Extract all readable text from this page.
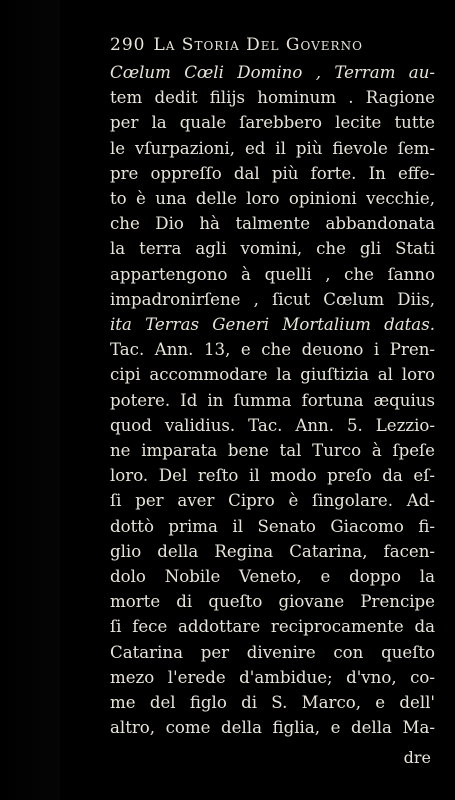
290 La Storia Del Governo
Cœlum Cœli Domino , Terram au-
tem dedit filijs hominum . Ragione
per la quale ſarebbero lecite tutte
le vſurpazioni, ed il più fievole ſem-
pre oppreſſo dal più forte. In effe-
to è una delle loro opinioni vecchie,
che Dio hà talmente abbandonata
la terra agli vomini, che gli Stati
appartengono à quelli , che ſanno
impadronirſene , ſicut Cœlum Diis,
ita Terras Generi Mortalium datas.
Tac. Ann. 13, e che deuono i Pren-
cipi accommodare la giuſtizia al loro
potere. Id in ſumma fortuna æquius
quod validius. Tac. Ann. 5. Lezzio-
ne imparata bene tal Turco à ſpeſe
loro. Del reſto il modo preſo da eſ-
ſi per aver Cipro è ſingolare. Ad-
dottò prima il Senato Giacomo fi-
glio della Regina Catarina, facen-
dolo Nobile Veneto, e doppo la
morte di queſto giovane Prencipe
ſi fece addottare reciprocamente da
Catarina per divenire con queſto
mezo l'erede d'ambidue; d'vno, co-
me del figlo di S. Marco, e dell'
altro, come della figlia, e della Ma-
dre
